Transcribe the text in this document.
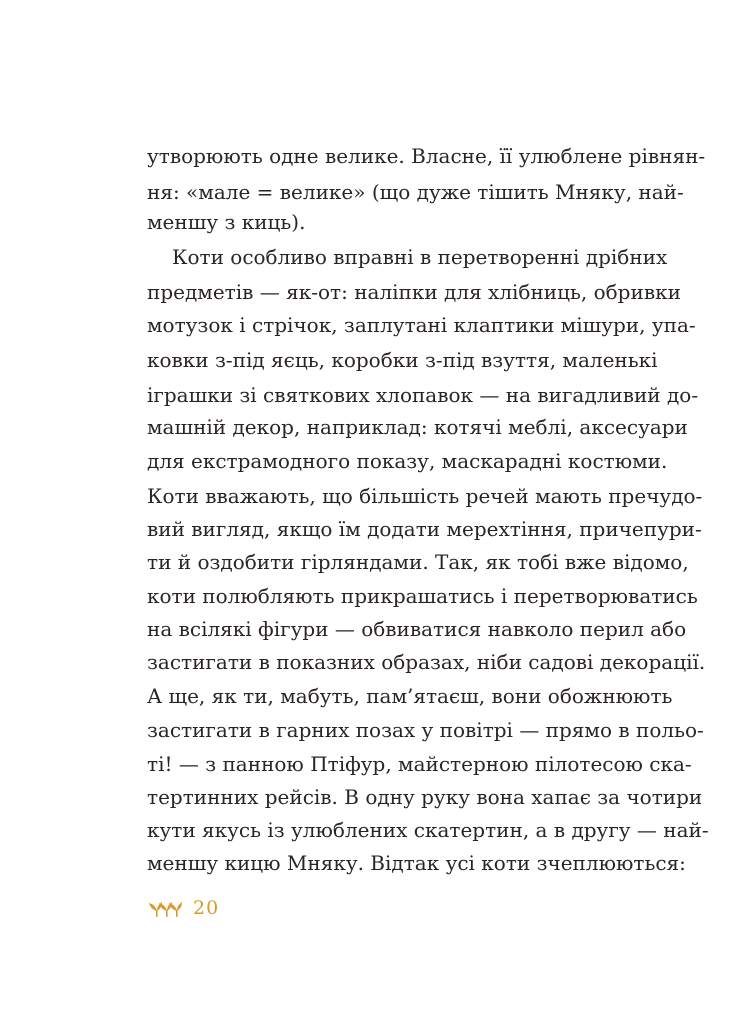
утворюють одне велике. Власне, її улюблене рівнян-
ня: «мале = велике» (що дуже тішить Мняку, най-
меншу з киць).
Коти особливо вправні в перетворенні дрібних
предметів — як-от: наліпки для хлібниць, обривки
мотузок і стрічок, заплутані клаптики мішури, упа-
ковки з-під яєць, коробки з-під взуття, маленькі
іграшки зі святкових хлопавок — на вигадливий до-
машній декор, наприклад: котячі меблі, аксесуари
для екстрамодного показу, маскарадні костюми.
Коти вважають, що більшість речей мають пречудо-
вий вигляд, якщо їм додати мерехтіння, причепури-
ти й оздобити гірляндами. Так, як тобі вже відомо,
коти полюбляють прикрашатись і перетворюватись
на всілякі фігури — обвиватися навколо перил або
застигати в показних образах, ніби садові декорації.
А ще, як ти, мабуть, пам’ятаєш, вони обожнюють
застигати в гарних позах у повітрі — прямо в польо-
ті! — з панною Птіфур, майстерною пілотесою ска-
тертинних рейсів. В одну руку вона хапає за чотири
кути якусь із улюблених скатертин, а в другу — най-
меншу кицю Мняку. Відтак усі коти зчеплюються:
20
